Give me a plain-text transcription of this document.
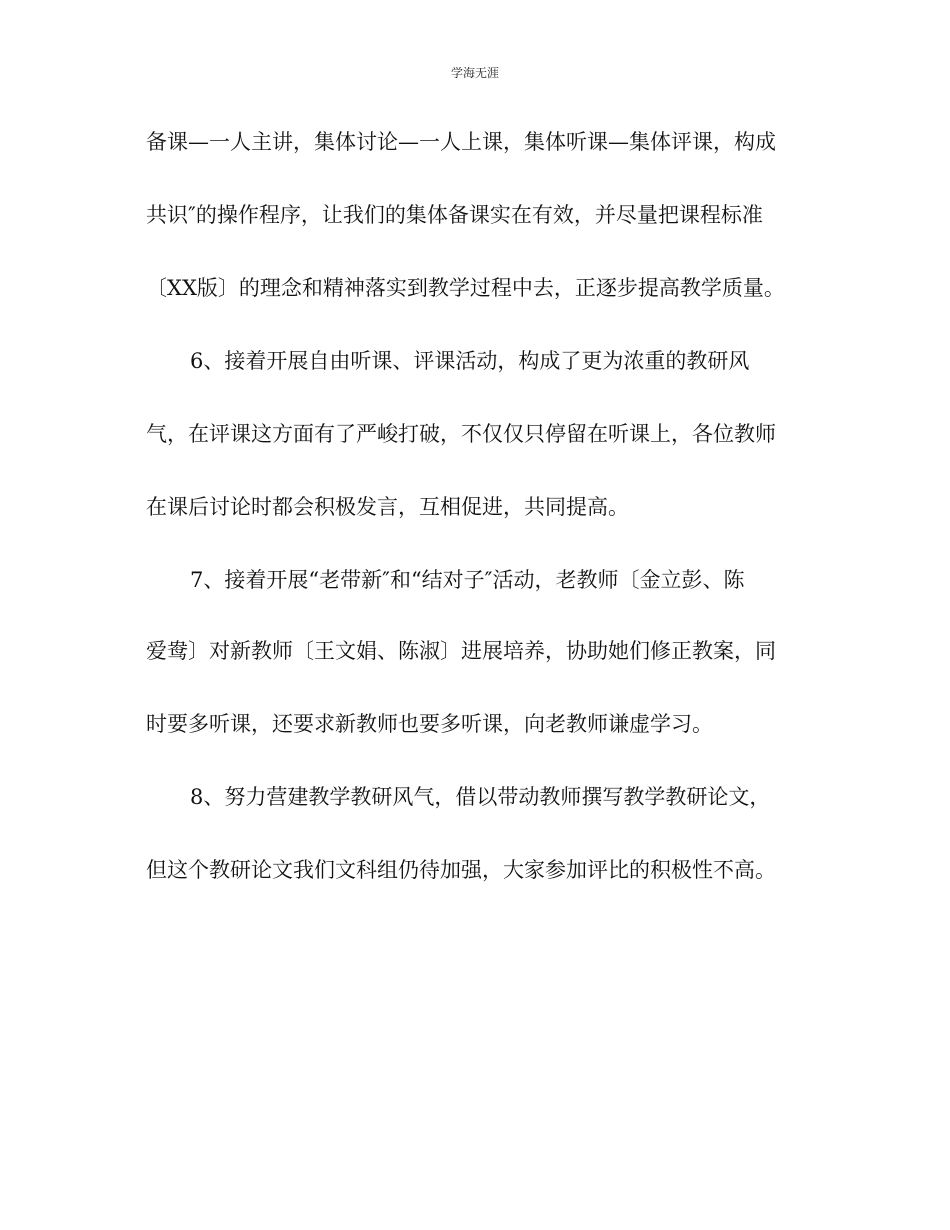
学海无涯
备课—一人主讲，集体讨论—一人上课，集体听课—集体评课，构成
共识″的操作程序，让我们的集体备课实在有效，并尽量把课程标准
〔XX版〕的理念和精神落实到教学过程中去，正逐步提高教学质量。
6、接着开展自由听课、评课活动，构成了更为浓重的教研风
气，在评课这方面有了严峻打破，不仅仅只停留在听课上，各位教师
在课后讨论时都会积极发言，互相促进，共同提高。
7、接着开展“老带新″和“结对子″活动，老教师〔金立彭、陈
爱鸯〕对新教师〔王文娟、陈淑〕进展培养，协助她们修正教案，同
时要多听课，还要求新教师也要多听课，向老教师谦虚学习。
8、努力营建教学教研风气，借以带动教师撰写教学教研论文，
但这个教研论文我们文科组仍待加强，大家参加评比的积极性不高。
